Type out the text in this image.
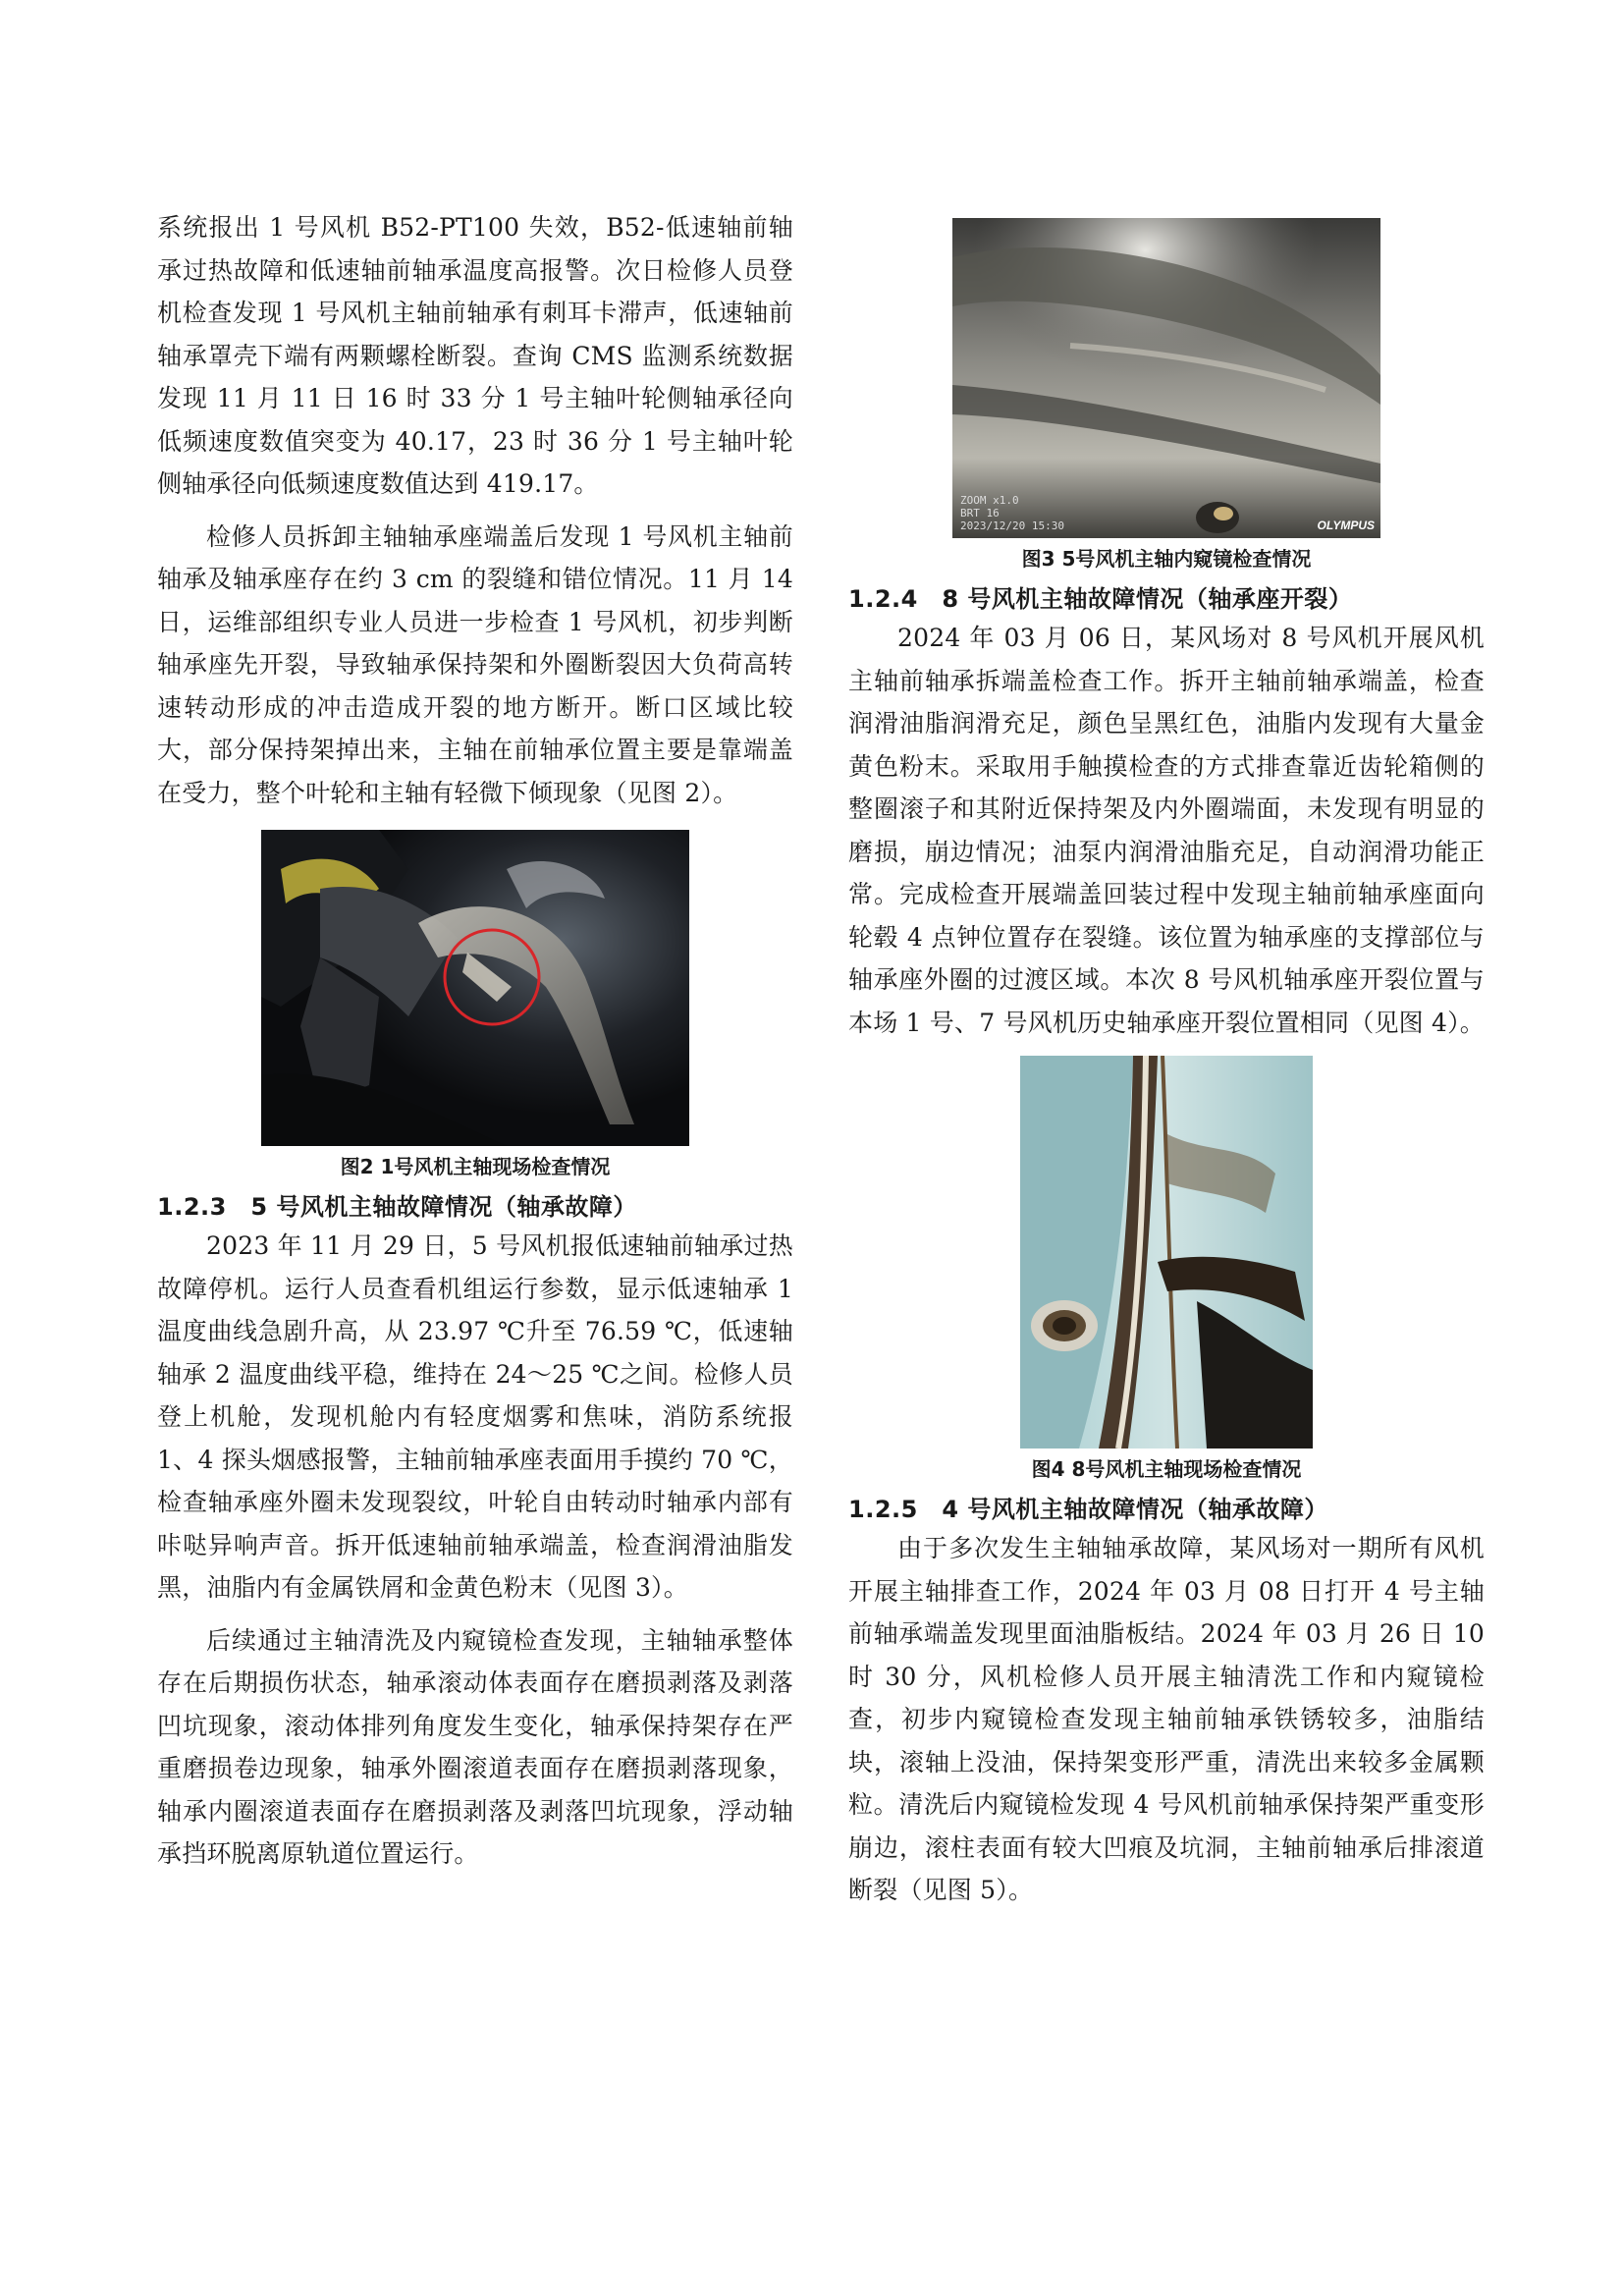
系统报出 1 号风机 B52-PT100 失效，B52-低速轴前轴承过热故障和低速轴前轴承温度高报警。次日检修人员登机检查发现 1 号风机主轴前轴承有刺耳卡滞声，低速轴前轴承罩壳下端有两颗螺栓断裂。查询 CMS 监测系统数据发现 11 月 11 日 16 时 33 分 1 号主轴叶轮侧轴承径向低频速度数值突变为 40.17，23 时 36 分 1 号主轴叶轮侧轴承径向低频速度数值达到 419.17。

检修人员拆卸主轴轴承座端盖后发现 1 号风机主轴前轴承及轴承座存在约 3 cm 的裂缝和错位情况。11 月 14 日，运维部组织专业人员进一步检查 1 号风机，初步判断轴承座先开裂，导致轴承保持架和外圈断裂因大负荷高转速转动形成的冲击造成开裂的地方断开。断口区域比较大，部分保持架掉出来，主轴在前轴承位置主要是靠端盖在受力，整个叶轮和主轴有轻微下倾现象（见图 2）。

图2 1号风机主轴现场检查情况
1.2.3　5 号风机主轴故障情况（轴承故障）

2023 年 11 月 29 日，5 号风机报低速轴前轴承过热故障停机。运行人员查看机组运行参数，显示低速轴承 1 温度曲线急剧升高，从 23.97 ℃升至 76.59 ℃，低速轴轴承 2 温度曲线平稳，维持在 24～25 ℃之间。检修人员登上机舱，发现机舱内有轻度烟雾和焦味，消防系统报 1、4 探头烟感报警，主轴前轴承座表面用手摸约 70 ℃，检查轴承座外圈未发现裂纹，叶轮自由转动时轴承内部有咔哒异响声音。拆开低速轴前轴承端盖，检查润滑油脂发黑，油脂内有金属铁屑和金黄色粉末（见图 3）。

后续通过主轴清洗及内窥镜检查发现，主轴轴承整体存在后期损伤状态，轴承滚动体表面存在磨损剥落及剥落凹坑现象，滚动体排列角度发生变化，轴承保持架存在严重磨损卷边现象，轴承外圈滚道表面存在磨损剥落现象，轴承内圈滚道表面存在磨损剥落及剥落凹坑现象，浮动轴承挡环脱离原轨道位置运行。

ZOOM x1.0
BRT 16
2023/12/20 15:30	OLYMPUS
图3 5号风机主轴内窥镜检查情况
1.2.4　8 号风机主轴故障情况（轴承座开裂）

2024 年 03 月 06 日，某风场对 8 号风机开展风机主轴前轴承拆端盖检查工作。拆开主轴前轴承端盖，检查润滑油脂润滑充足，颜色呈黑红色，油脂内发现有大量金黄色粉末。采取用手触摸检查的方式排查靠近齿轮箱侧的整圈滚子和其附近保持架及内外圈端面，未发现有明显的磨损，崩边情况；油泵内润滑油脂充足，自动润滑功能正常。完成检查开展端盖回装过程中发现主轴前轴承座面向轮毂 4 点钟位置存在裂缝。该位置为轴承座的支撑部位与轴承座外圈的过渡区域。本次 8 号风机轴承座开裂位置与本场 1 号、7 号风机历史轴承座开裂位置相同（见图 4）。

图4 8号风机主轴现场检查情况
1.2.5　4 号风机主轴故障情况（轴承故障）

由于多次发生主轴轴承故障，某风场对一期所有风机开展主轴排查工作，2024 年 03 月 08 日打开 4 号主轴前轴承端盖发现里面油脂板结。2024 年 03 月 26 日 10 时 30 分，风机检修人员开展主轴清洗工作和内窥镜检查，初步内窥镜检查发现主轴前轴承铁锈较多，油脂结块，滚轴上没油，保持架变形严重，清洗出来较多金属颗粒。清洗后内窥镜检发现 4 号风机前轴承保持架严重变形崩边，滚柱表面有较大凹痕及坑洞，主轴前轴承后排滚道断裂（见图 5）。
